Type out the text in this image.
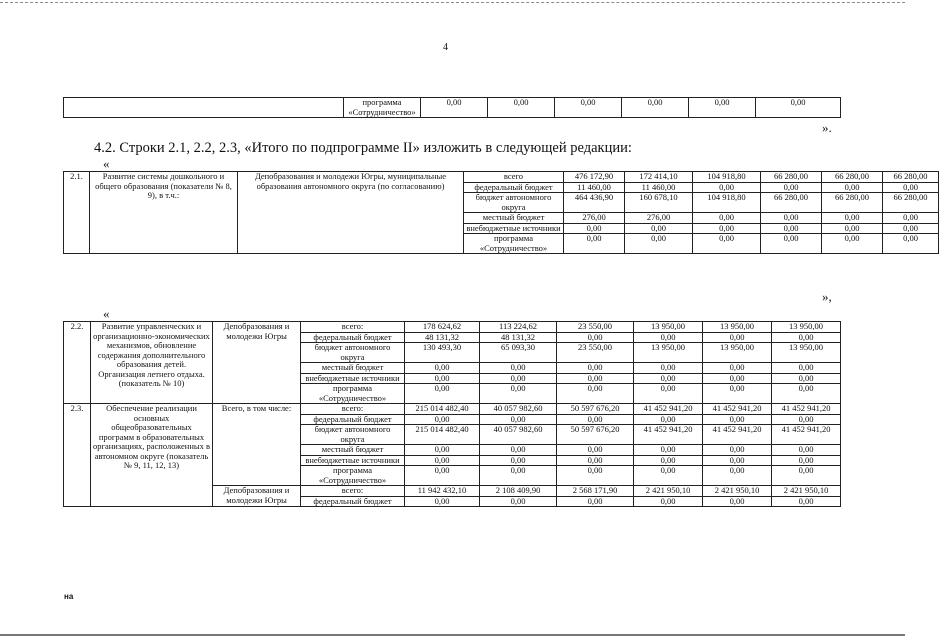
4
	программа «Сотрудничество»	0,00	0,00	0,00	0,00	0,00	0,00
».
4.2. Строки 2.1, 2.2, 2.3, «Итого по подпрограмме II» изложить в следующей редакции:
«
2.1.	Развитие системы дошкольного и общего образования (показатели № 8, 9), в т.ч.:	Депобразования и молодежи Югры, муниципальные образования автономного округа (по согласованию)	всего	476 172,90	172 414,10	104 918,80	66 280,00	66 280,00	66 280,00
			федеральный бюджет	11 460,00	11 460,00	0,00	0,00	0,00	0,00
			бюджет автономного округа	464 436,90	160 678,10	104 918,80	66 280,00	66 280,00	66 280,00
			местный бюджет	276,00	276,00	0,00	0,00	0,00	0,00
			внебюджетные источники	0,00	0,00	0,00	0,00	0,00	0,00
			программа «Сотрудничество»	0,00	0,00	0,00	0,00	0,00	0,00
»,
«
2.2.	Развитие управленческих и организационно-экономических механизмов, обновление содержания дополнительного образования детей. Организация летнего отдыха. (показатель № 10)	Депобразования и молодежи Югры	всего:	178 624,62	113 224,62	23 550,00	13 950,00	13 950,00	13 950,00
			федеральный бюджет	48 131,32	48 131,32	0,00	0,00	0,00	0,00
			бюджет автономного округа	130 493,30	65 093,30	23 550,00	13 950,00	13 950,00	13 950,00
			местный бюджет	0,00	0,00	0,00	0,00	0,00	0,00
			внебюджетные источники	0,00	0,00	0,00	0,00	0,00	0,00
			программа «Сотрудничество»	0,00	0,00	0,00	0,00	0,00	0,00
2.3.	Обеспечение реализации основных общеобразовательных программ в образовательных организациях, расположенных в автономном округе (показатель № 9, 11, 12, 13)	Всего, в том числе:	всего:	215 014 482,40	40 057 982,60	50 597 676,20	41 452 941,20	41 452 941,20	41 452 941,20
			федеральный бюджет	0,00	0,00	0,00	0,00	0,00	0,00
			бюджет автономного округа	215 014 482,40	40 057 982,60	50 597 676,20	41 452 941,20	41 452 941,20	41 452 941,20
			местный бюджет	0,00	0,00	0,00	0,00	0,00	0,00
			внебюджетные источники	0,00	0,00	0,00	0,00	0,00	0,00
			программа «Сотрудничество»	0,00	0,00	0,00	0,00	0,00	0,00
		Депобразования и молодежи Югры	всего:	11 942 432,10	2 108 409,90	2 568 171,90	2 421 950,10	2 421 950,10	2 421 950,10
			федеральный бюджет	0,00	0,00	0,00	0,00	0,00	0,00
на
